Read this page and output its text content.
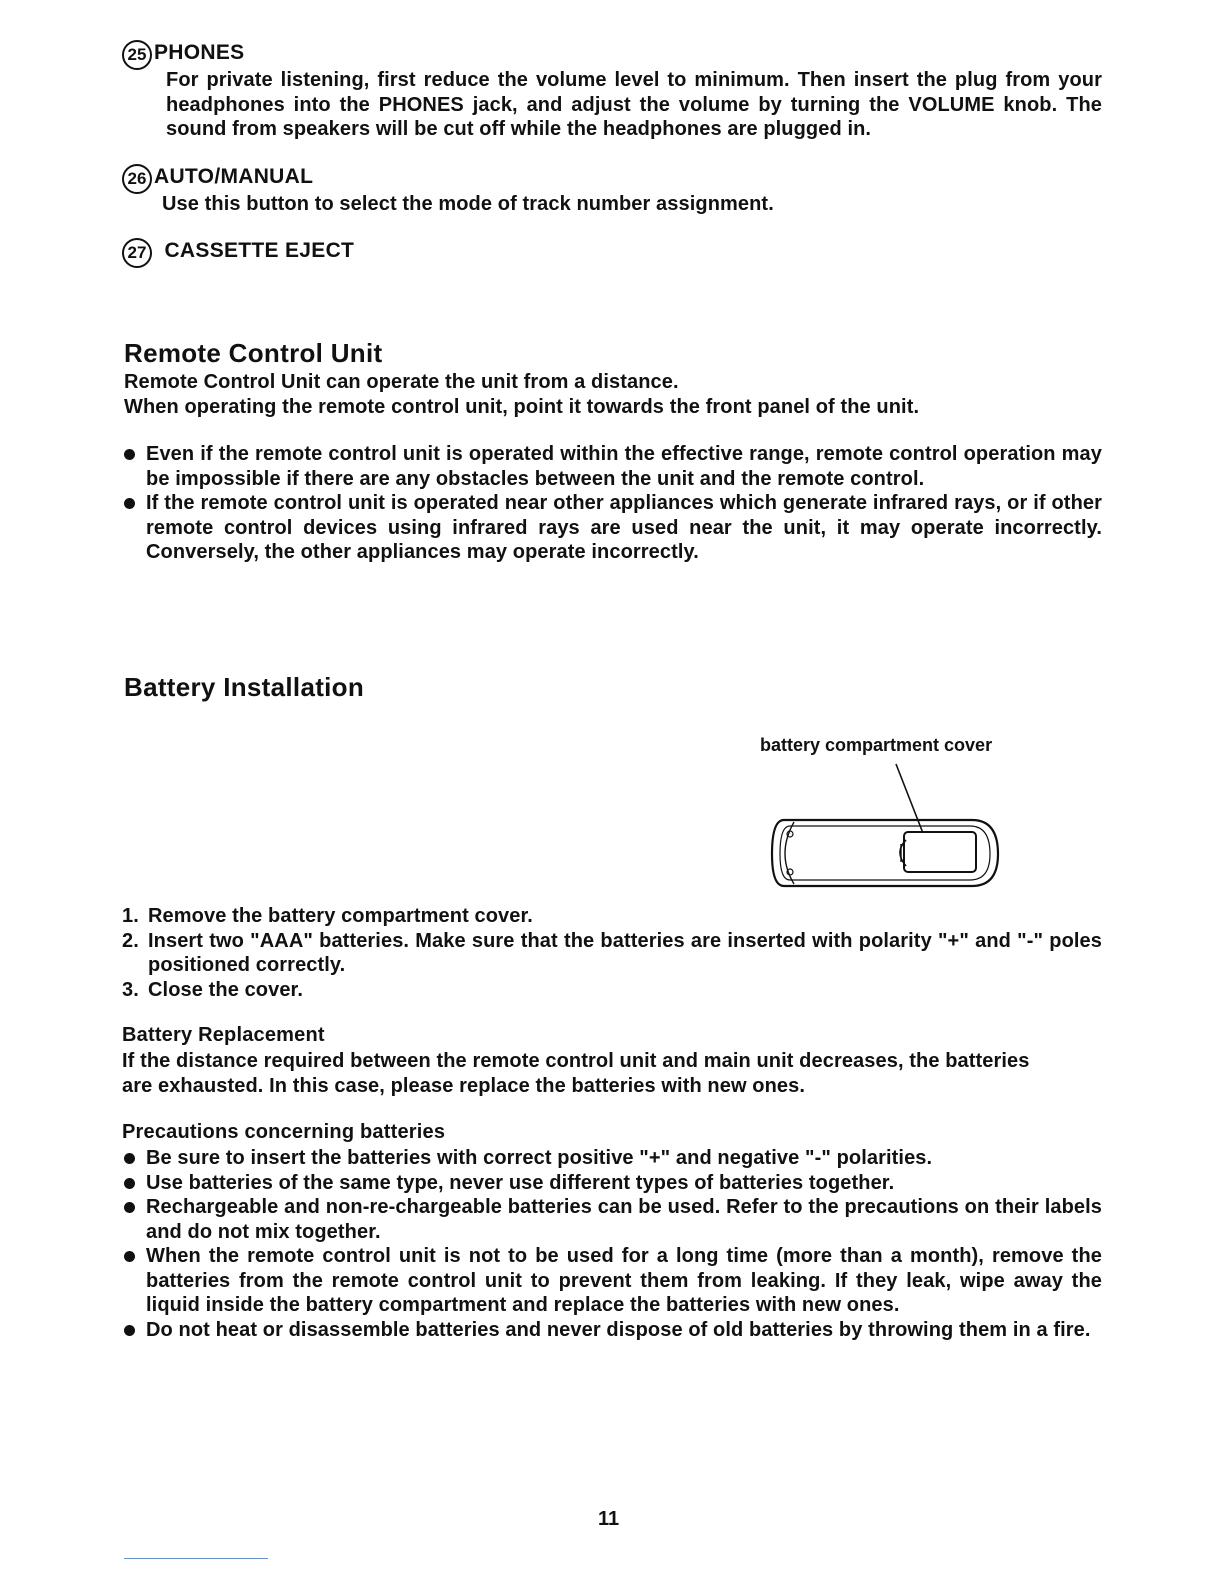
25 PHONES
For private listening, first reduce the volume level to minimum. Then insert the plug from your headphones into the PHONES jack, and adjust the volume by turning the VOLUME knob. The sound from speakers will be cut off while the headphones are plugged in.
26 AUTO/MANUAL
Use this button to select the mode of track number assignment.
27 CASSETTE EJECT
Remote Control Unit
Remote Control Unit can operate the unit from a distance.
When operating the remote control unit, point it towards the front panel of the unit.
Even if the remote control unit is operated within the effective range, remote control operation may be impossible if there are any obstacles between the unit and the remote control.
If the remote control unit is operated near other appliances which generate infrared rays, or if other remote control devices using infrared rays are used near the unit, it may operate incorrectly. Conversely, the other appliances may operate incorrectly.
Battery Installation
battery compartment cover
1. Remove the battery compartment cover.
2. Insert two "AAA" batteries. Make sure that the batteries are inserted with polarity "+" and "-" poles positioned correctly.
3. Close the cover.
Battery Replacement
If the distance required between the remote control unit and main unit decreases, the batteries are exhausted. In this case, please replace the batteries with new ones.
Precautions concerning batteries
Be sure to insert the batteries with correct positive "+" and negative "-" polarities.
Use batteries of the same type, never use different types of batteries together.
Rechargeable and non-re-chargeable batteries can be used. Refer to the precautions on their labels and do not mix together.
When the remote control unit is not to be used for a long time (more than a month), remove the batteries from the remote control unit to prevent them from leaking. If they leak, wipe away the liquid inside the battery compartment and replace the batteries with new ones.
Do not heat or disassemble batteries and never dispose of old batteries by throwing them in a fire.
11
